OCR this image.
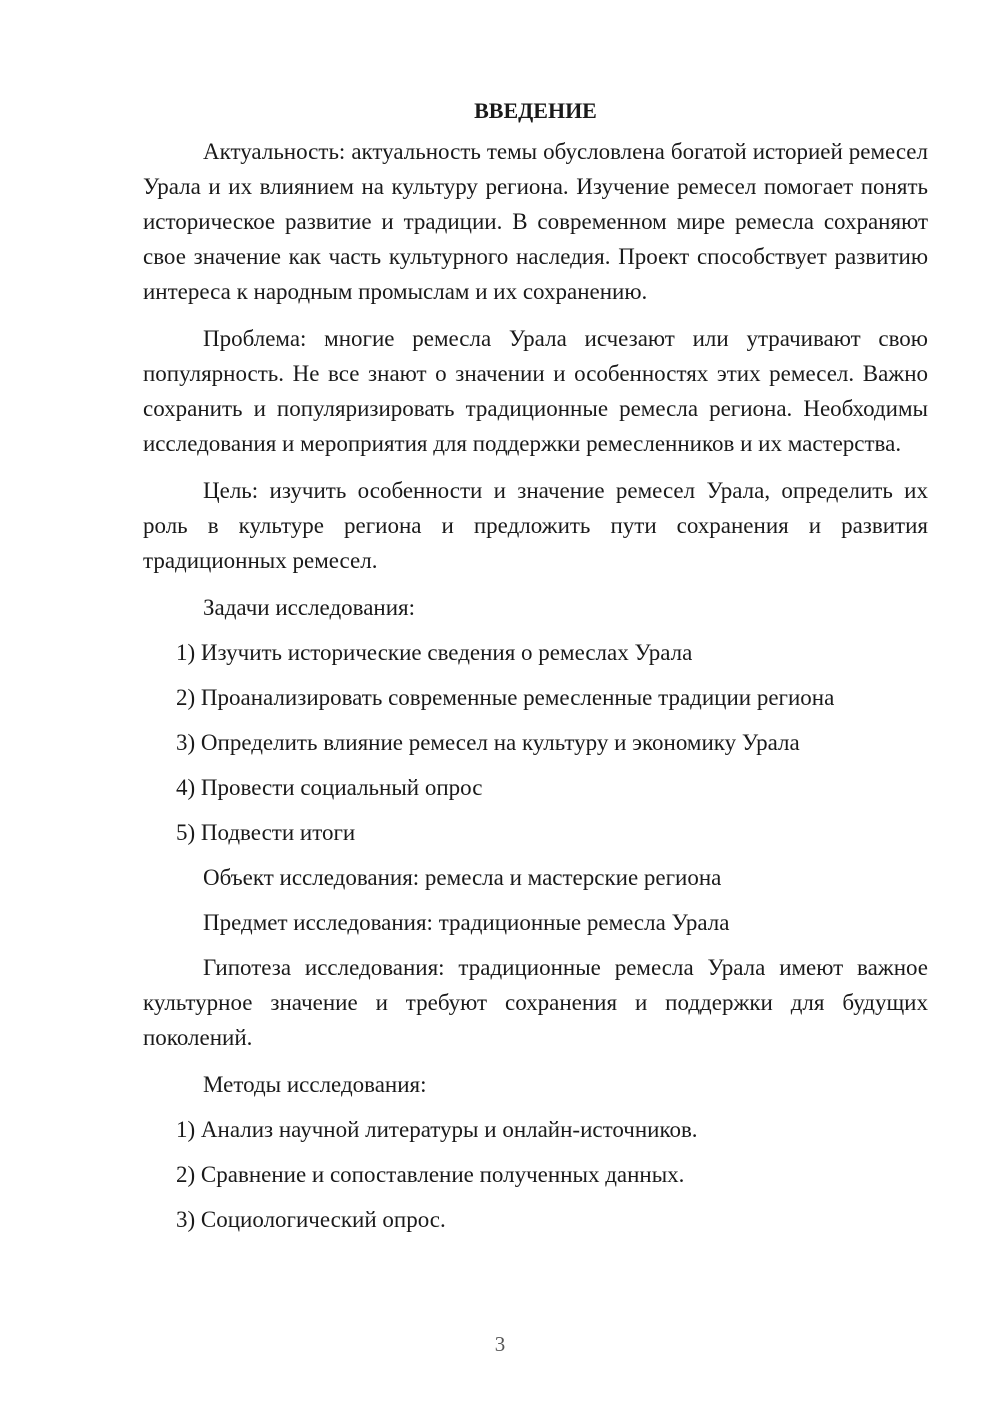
ВВЕДЕНИЕ

Актуальность: актуальность темы обусловлена богатой историей ремесел Урала и их влиянием на культуру региона. Изучение ремесел помогает понять историческое развитие и традиции. В современном мире ремесла сохраняют свое значение как часть культурного наследия. Проект способствует развитию интереса к народным промыслам и их сохранению.

Проблема: многие ремесла Урала исчезают или утрачивают свою популярность. Не все знают о значении и особенностях этих ремесел. Важно сохранить и популяризировать традиционные ремесла региона. Необходимы исследования и мероприятия для поддержки ремесленников и их мастерства.

Цель: изучить особенности и значение ремесел Урала, определить их роль в культуре региона и предложить пути сохранения и развития традиционных ремесел.

Задачи исследования:

1) Изучить исторические сведения о ремеслах Урала
2) Проанализировать современные ремесленные традиции региона
3) Определить влияние ремесел на культуру и экономику Урала
4) Провести социальный опрос
5) Подвести итоги

Объект исследования: ремесла и мастерские региона

Предмет исследования: традиционные ремесла Урала

Гипотеза исследования: традиционные ремесла Урала имеют важное культурное значение и требуют сохранения и поддержки для будущих поколений.

Методы исследования:

1) Анализ научной литературы и онлайн-источников.
2) Сравнение и сопоставление полученных данных.
3) Социологический опрос.
3
